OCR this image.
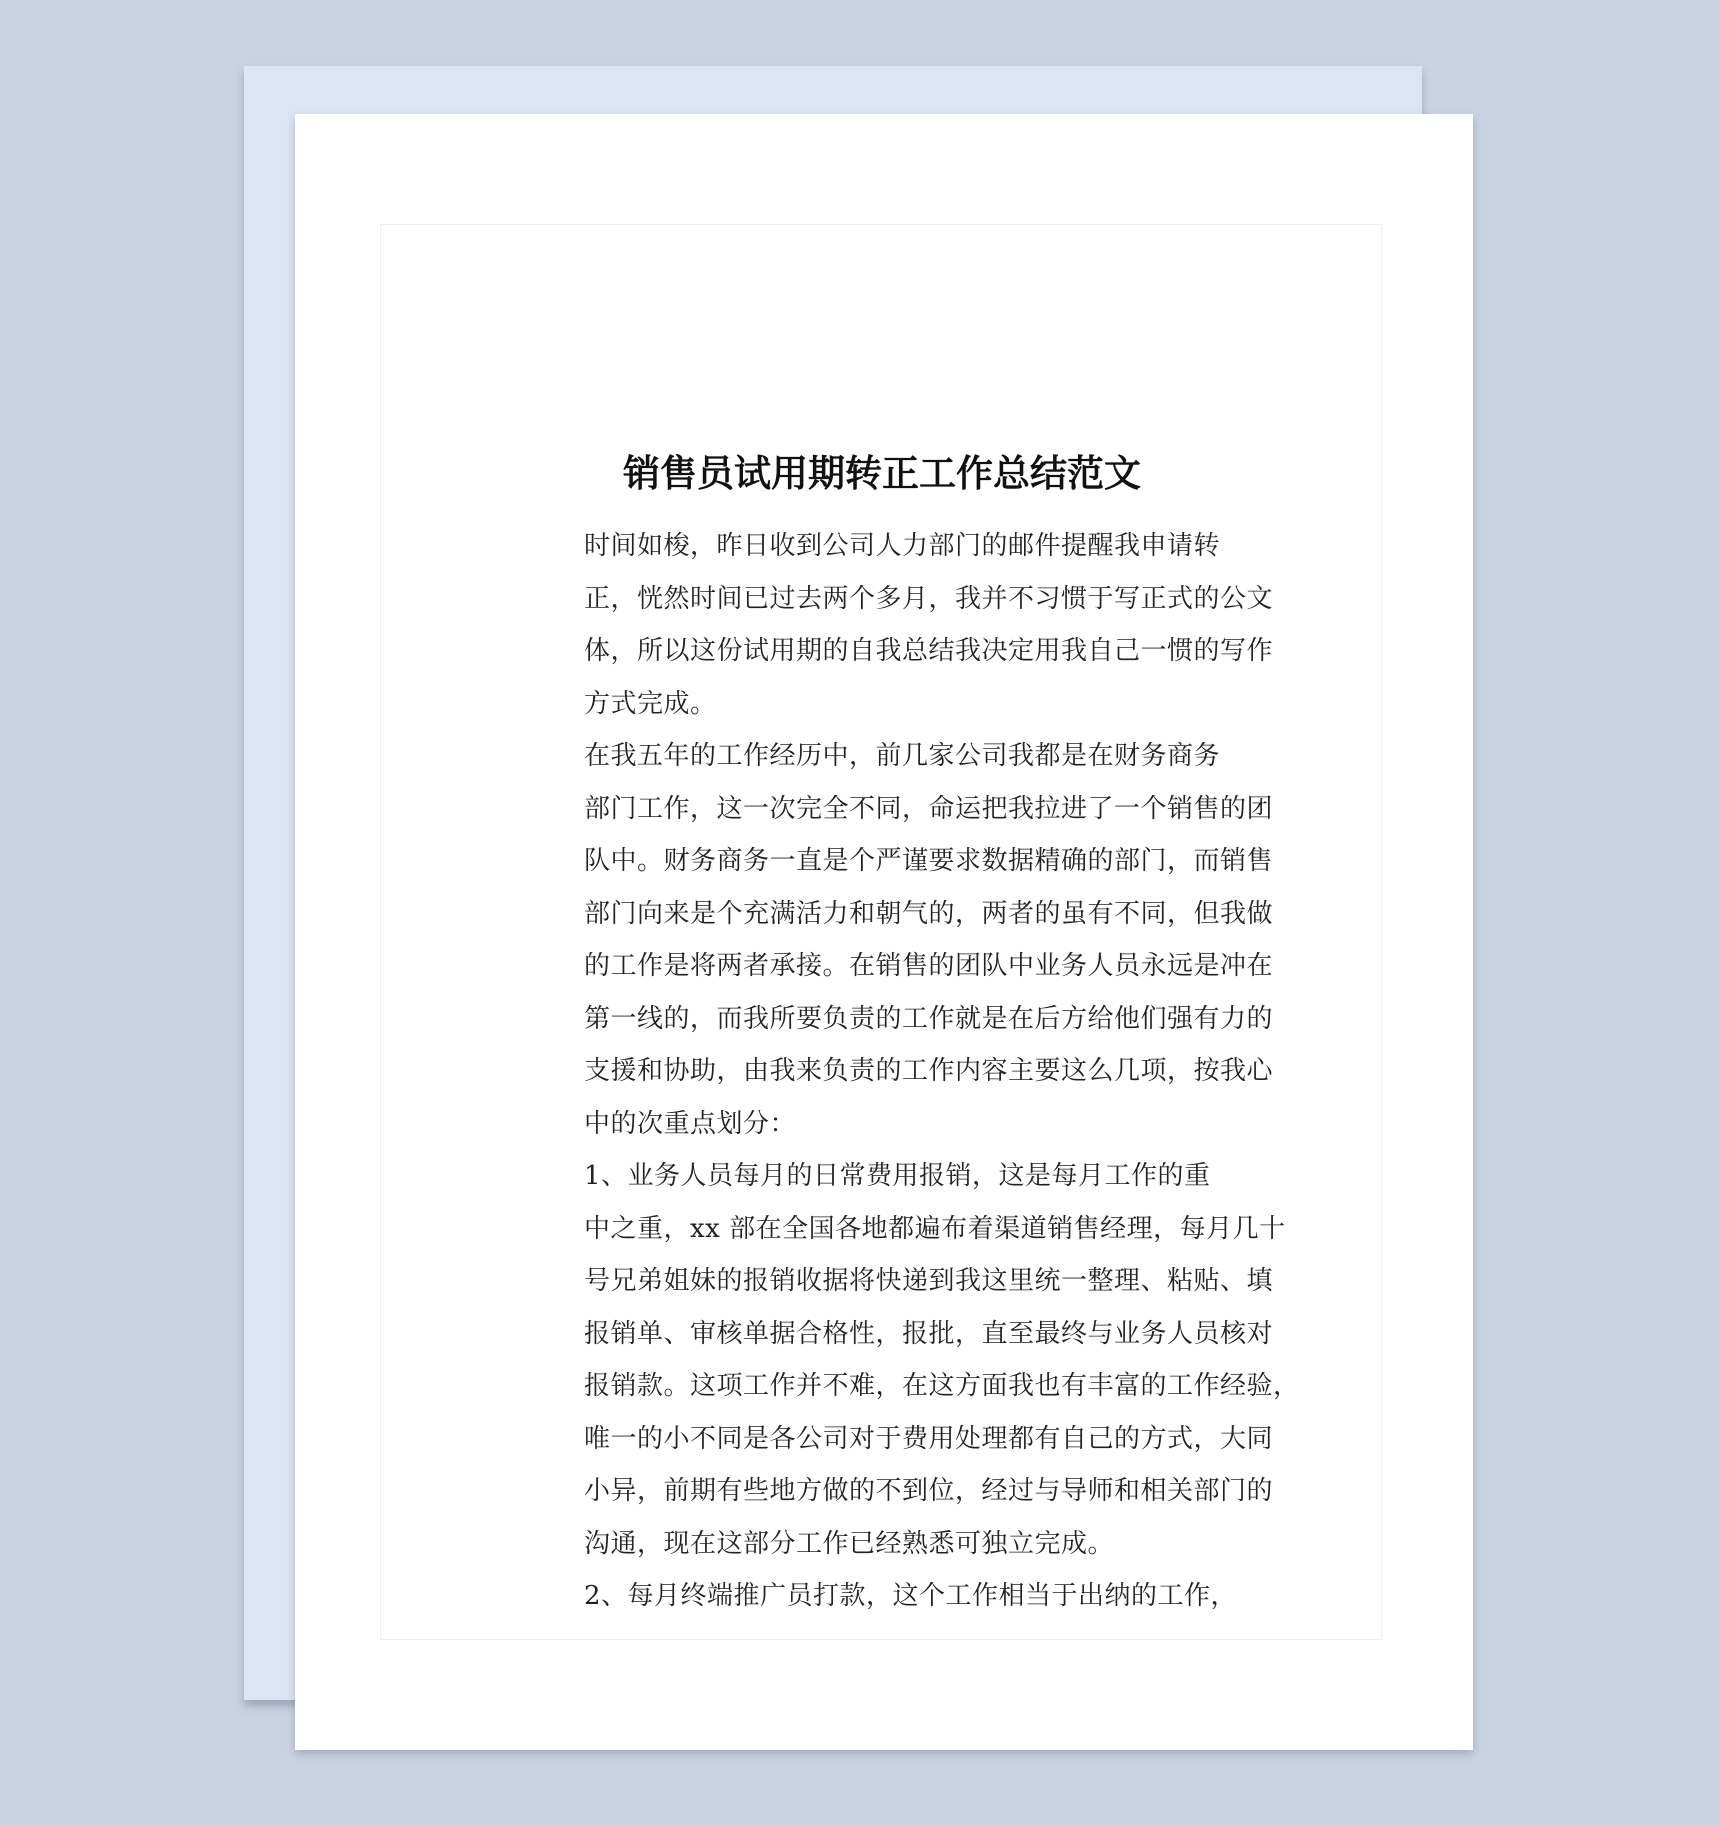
销售员试用期转正工作总结范文

时间如梭，昨日收到公司人力部门的邮件提醒我申请转
正，恍然时间已过去两个多月，我并不习惯于写正式的公文
体，所以这份试用期的自我总结我决定用我自己一惯的写作
方式完成。

在我五年的工作经历中，前几家公司我都是在财务商务
部门工作，这一次完全不同，命运把我拉进了一个销售的团
队中。财务商务一直是个严谨要求数据精确的部门，而销售
部门向来是个充满活力和朝气的，两者的虽有不同，但我做
的工作是将两者承接。在销售的团队中业务人员永远是冲在
第一线的，而我所要负责的工作就是在后方给他们强有力的
支援和协助，由我来负责的工作内容主要这么几项，按我心
中的次重点划分：

1、业务人员每月的日常费用报销，这是每月工作的重
中之重，xx 部在全国各地都遍布着渠道销售经理，每月几十
号兄弟姐妹的报销收据将快递到我这里统一整理、粘贴、填
报销单、审核单据合格性，报批，直至最终与业务人员核对
报销款。这项工作并不难，在这方面我也有丰富的工作经验，
唯一的小不同是各公司对于费用处理都有自己的方式，大同
小异，前期有些地方做的不到位，经过与导师和相关部门的
沟通，现在这部分工作已经熟悉可独立完成。

2、每月终端推广员打款，这个工作相当于出纳的工作，
